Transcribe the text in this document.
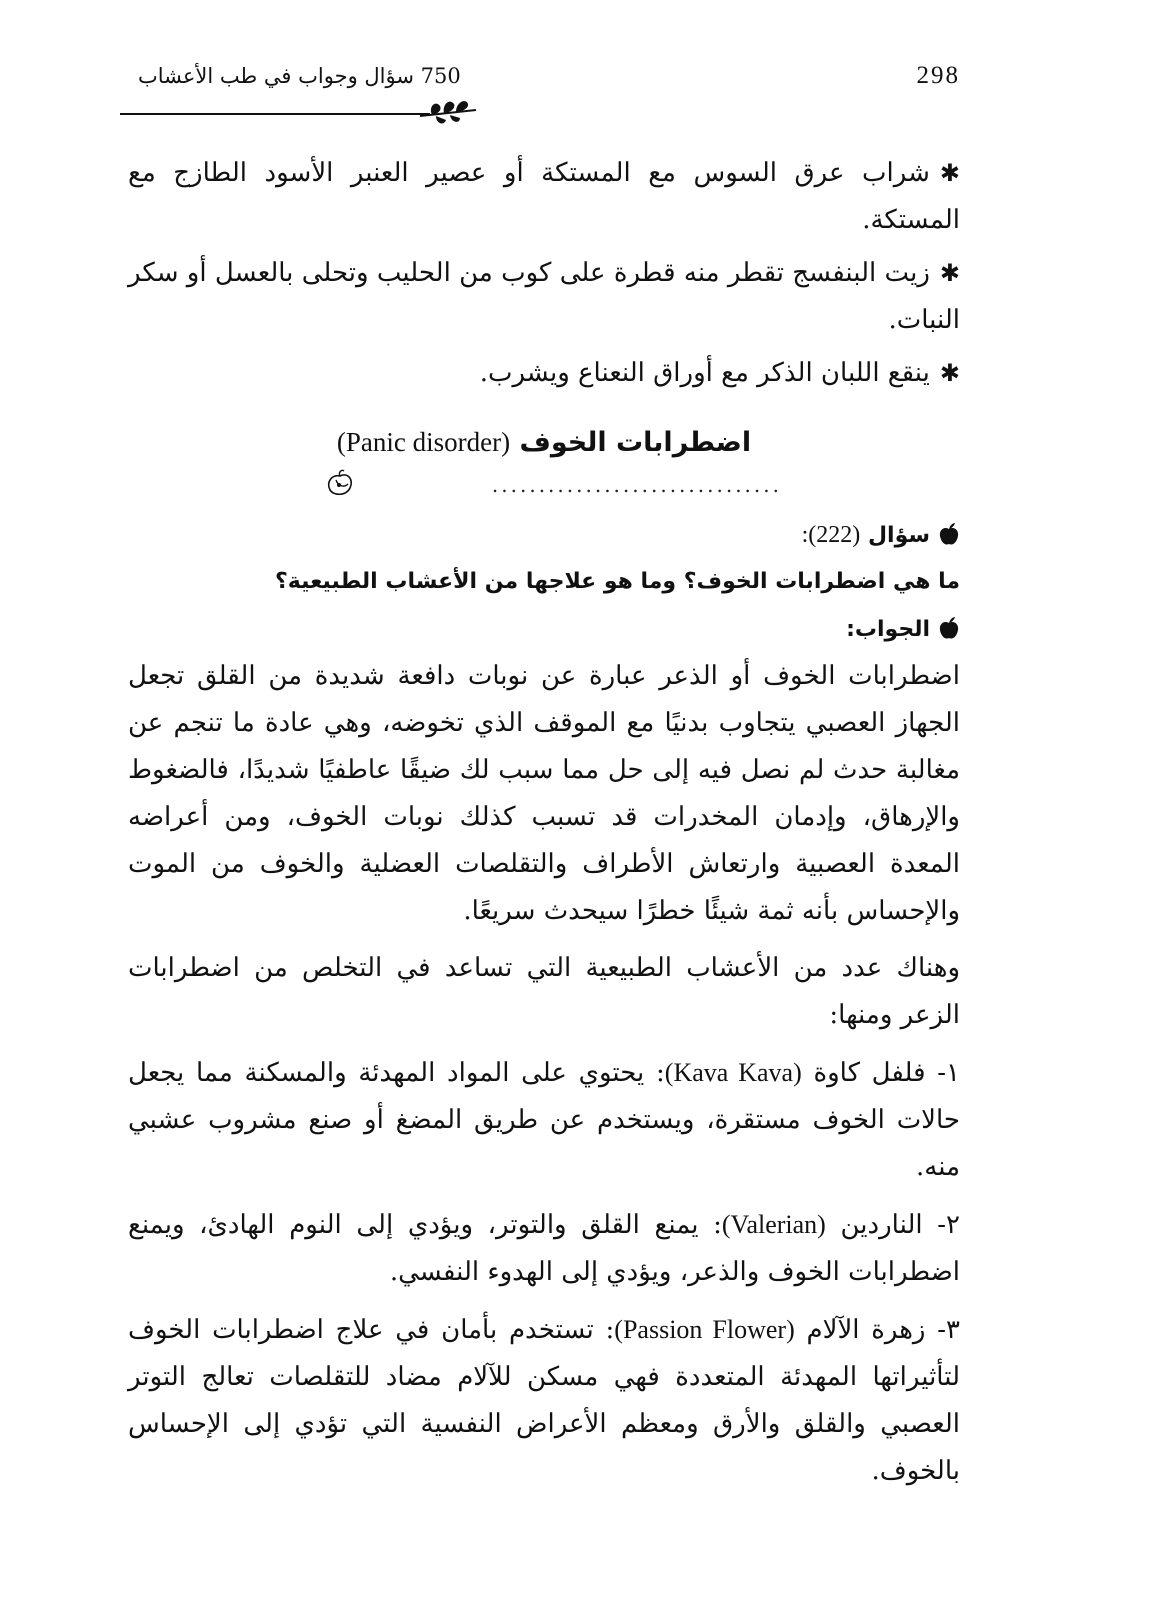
298
750 سؤال وجواب في طب الأعشاب

✱شراب عرق السوس مع المستكة أو عصير العنبر الأسود الطازج مع المستكة.

✱زيت البنفسج تقطر منه قطرة على كوب من الحليب وتحلى بالعسل أو سكر النبات.

✱ينقع اللبان الذكر مع أوراق النعناع ويشرب.

اضطرابات الخوف (Panic disorder)
...............................

سؤال (222):

ما هي اضطرابات الخوف؟ وما هو علاجها من الأعشاب الطبيعية؟

الجواب:

اضطرابات الخوف أو الذعر عبارة عن نوبات دافعة شديدة من القلق تجعل الجهاز العصبي يتجاوب بدنيًا مع الموقف الذي تخوضه، وهي عادة ما تنجم عن مغالبة حدث لم نصل فيه إلى حل مما سبب لك ضيقًا عاطفيًا شديدًا، فالضغوط والإرهاق، وإدمان المخدرات قد تسبب كذلك نوبات الخوف، ومن أعراضه المعدة العصبية وارتعاش الأطراف والتقلصات العضلية والخوف من الموت والإحساس بأنه ثمة شيئًا خطرًا سيحدث سريعًا.

وهناك عدد من الأعشاب الطبيعية التي تساعد في التخلص من اضطرابات الزعر ومنها:

١- فلفل كاوة (Kava Kava): يحتوي على المواد المهدئة والمسكنة مما يجعل حالات الخوف مستقرة، ويستخدم عن طريق المضغ أو صنع مشروب عشبي منه.

٢- الناردين (Valerian): يمنع القلق والتوتر، ويؤدي إلى النوم الهادئ، ويمنع اضطرابات الخوف والذعر، ويؤدي إلى الهدوء النفسي.

٣- زهرة الآلام (Passion Flower): تستخدم بأمان في علاج اضطرابات الخوف لتأثيراتها المهدئة المتعددة فهي مسكن للآلام مضاد للتقلصات تعالج التوتر العصبي والقلق والأرق ومعظم الأعراض النفسية التي تؤدي إلى الإحساس بالخوف.
